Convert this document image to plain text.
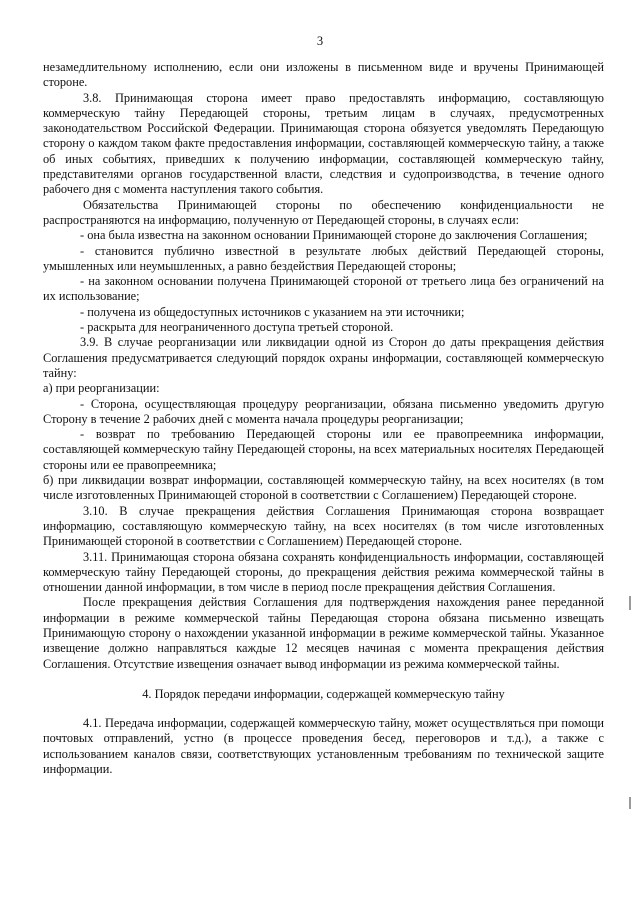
3

незамедлительному исполнению, если они изложены в письменном виде и вручены Принимающей стороне.

3.8. Принимающая сторона имеет право предоставлять информацию, составляющую коммерческую тайну Передающей стороны, третьим лицам в случаях, предусмотренных законодательством Российской Федерации. Принимающая сторона обязуется уведомлять Передающую сторону о каждом таком факте предоставления информации, составляющей коммерческую тайну, а также об иных событиях, приведших к получению информации, составляющей коммерческую тайну, представителями органов государственной власти, следствия и судопроизводства, в течение одного рабочего дня с момента наступления такого события.

Обязательства Принимающей стороны по обеспечению конфиденциальности не распространяются на информацию, полученную от Передающей стороны, в случаях если:

- она была известна на законном основании Принимающей стороне до заключения Соглашения;

- становится публично известной в результате любых действий Передающей стороны, умышленных или неумышленных, а равно бездействия Передающей стороны;

- на законном основании получена Принимающей стороной от третьего лица без ограничений на их использование;

- получена из общедоступных источников с указанием на эти источники;

- раскрыта для неограниченного доступа третьей стороной.

3.9. В случае реорганизации или ликвидации одной из Сторон до даты прекращения действия Соглашения предусматривается следующий порядок охраны информации, составляющей коммерческую тайну:

а) при реорганизации:

- Сторона, осуществляющая процедуру реорганизации, обязана письменно уведомить другую Сторону в течение 2 рабочих дней с момента начала процедуры реорганизации;

- возврат по требованию Передающей стороны или ее правопреемника информации, составляющей коммерческую тайну Передающей стороны, на всех материальных носителях Передающей стороны или ее правопреемника;

б) при ликвидации возврат информации, составляющей коммерческую тайну, на всех носителях (в том числе изготовленных Принимающей стороной в соответствии с Соглашением) Передающей стороне.

3.10. В случае прекращения действия Соглашения Принимающая сторона возвращает информацию, составляющую коммерческую тайну, на всех носителях (в том числе изготовленных Принимающей стороной в соответствии с Соглашением) Передающей стороне.

3.11. Принимающая сторона обязана сохранять конфиденциальность информации, составляющей коммерческую тайну Передающей стороны, до прекращения действия режима коммерческой тайны в отношении данной информации, в том числе в период после прекращения действия Соглашения.

После прекращения действия Соглашения для подтверждения нахождения ранее переданной информации в режиме коммерческой тайны Передающая сторона обязана письменно извещать Принимающую сторону о нахождении указанной информации в режиме коммерческой тайны. Указанное извещение должно направляться каждые 12 месяцев начиная с момента прекращения действия Соглашения. Отсутствие извещения означает вывод информации из режима коммерческой тайны.

4. Порядок передачи информации, содержащей коммерческую тайну

4.1. Передача информации, содержащей коммерческую тайну, может осуществляться при помощи почтовых отправлений, устно (в процессе проведения бесед, переговоров и т.д.), а также с использованием каналов связи, соответствующих установленным требованиям по технической защите информации.
